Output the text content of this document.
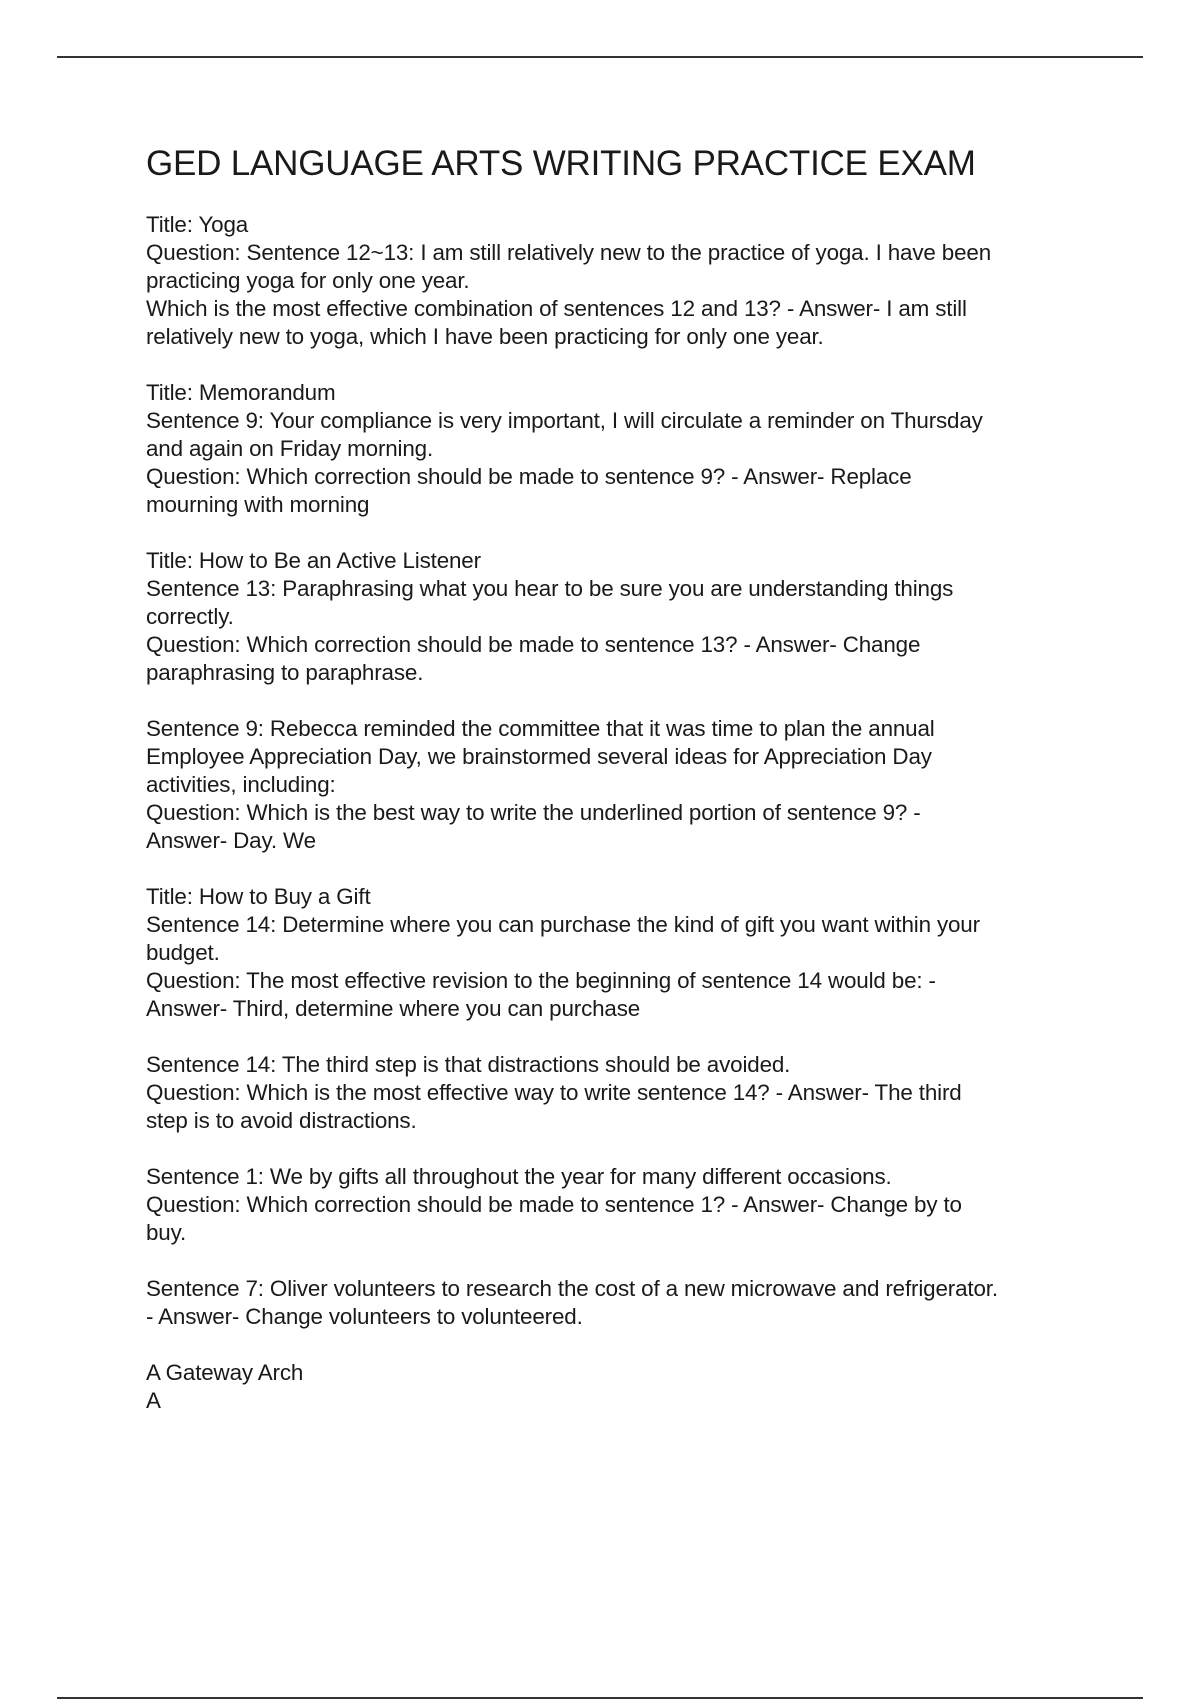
GED LANGUAGE ARTS WRITING PRACTICE EXAM
Title: Yoga
Question: Sentence 12~13: I am still relatively new to the practice of yoga. I have been
practicing yoga for only one year.
Which is the most effective combination of sentences 12 and 13? - Answer- I am still
relatively new to yoga, which I have been practicing for only one year.
Title: Memorandum
Sentence 9: Your compliance is very important, I will circulate a reminder on Thursday
and again on Friday morning.
Question: Which correction should be made to sentence 9? - Answer- Replace
mourning with morning
Title: How to Be an Active Listener
Sentence 13: Paraphrasing what you hear to be sure you are understanding things
correctly.
Question: Which correction should be made to sentence 13? - Answer- Change
paraphrasing to paraphrase.
Sentence 9: Rebecca reminded the committee that it was time to plan the annual
Employee Appreciation Day, we brainstormed several ideas for Appreciation Day
activities, including:
Question: Which is the best way to write the underlined portion of sentence 9? -
Answer- Day. We
Title: How to Buy a Gift
Sentence 14: Determine where you can purchase the kind of gift you want within your
budget.
Question: The most effective revision to the beginning of sentence 14 would be: -
Answer- Third, determine where you can purchase
Sentence 14: The third step is that distractions should be avoided.
Question: Which is the most effective way to write sentence 14? - Answer- The third
step is to avoid distractions.
Sentence 1: We by gifts all throughout the year for many different occasions.
Question: Which correction should be made to sentence 1? - Answer- Change by to
buy.
Sentence 7: Oliver volunteers to research the cost of a new microwave and refrigerator.
- Answer- Change volunteers to volunteered.
A Gateway Arch
A
